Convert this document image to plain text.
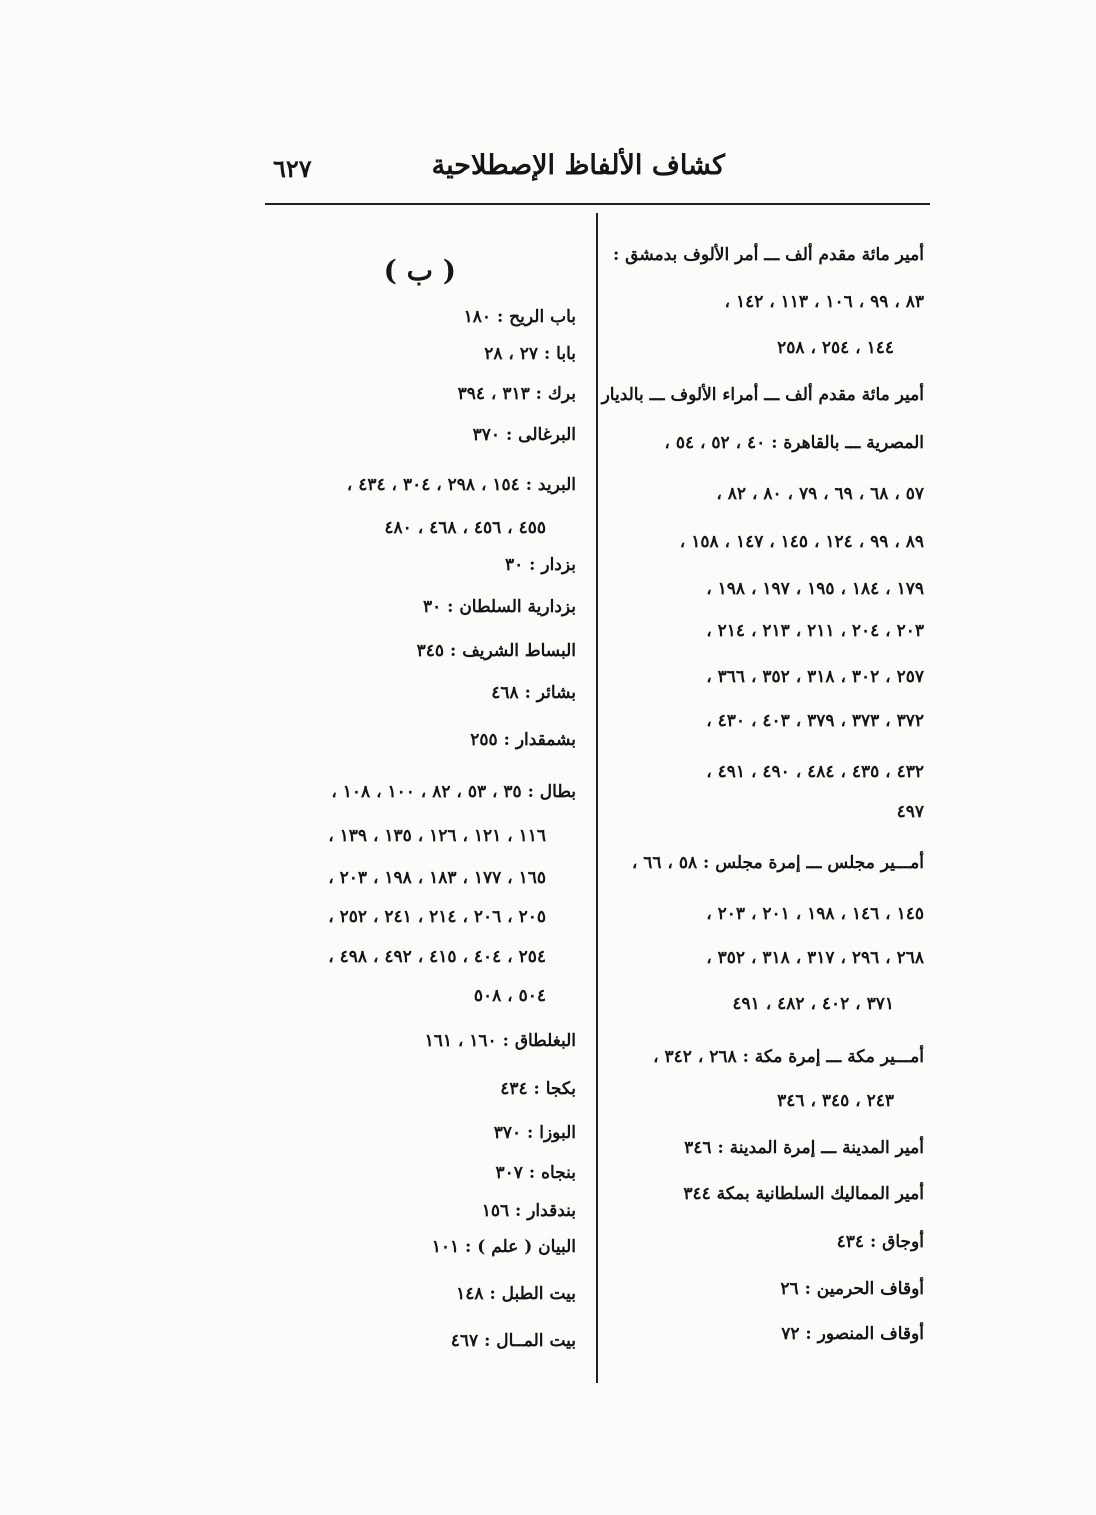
كشاف الألفاظ الإصطلاحية
٦٢٧
أمير مائة مقدم ألف ـــ أمر الألوف بدمشق :
٨٣ ، ٩٩ ، ١٠٦ ، ١١٣ ، ١٤٢ ،
١٤٤ ، ٢٥٤ ، ٢٥٨
أمير مائة مقدم ألف ـــ أمراء الألوف ـــ بالديار
المصرية ـــ بالقاهرة : ٤٠ ، ٥٢ ، ٥٤ ،
٥٧ ، ٦٨ ، ٦٩ ، ٧٩ ، ٨٠ ، ٨٢ ،
٨٩ ، ٩٩ ، ١٢٤ ، ١٤٥ ، ١٤٧ ، ١٥٨ ،
١٧٩ ، ١٨٤ ، ١٩٥ ، ١٩٧ ، ١٩٨ ،
٢٠٣ ، ٢٠٤ ، ٢١١ ، ٢١٣ ، ٢١٤ ،
٢٥٧ ، ٣٠٢ ، ٣١٨ ، ٣٥٢ ، ٣٦٦ ،
٣٧٢ ، ٣٧٣ ، ٣٧٩ ، ٤٠٣ ، ٤٣٠ ،
٤٣٢ ، ٤٣٥ ، ٤٨٤ ، ٤٩٠ ، ٤٩١ ،
٤٩٧
أمـــير مجلس ـــ إمرة مجلس : ٥٨ ، ٦٦ ،
١٤٥ ، ١٤٦ ، ١٩٨ ، ٢٠١ ، ٢٠٣ ،
٢٦٨ ، ٢٩٦ ، ٣١٧ ، ٣١٨ ، ٣٥٢ ،
٣٧١ ، ٤٠٢ ، ٤٨٢ ، ٤٩١
أمـــير مكة ـــ إمرة مكة : ٢٦٨ ، ٣٤٢ ،
٢٤٣ ، ٣٤٥ ، ٣٤٦
أمير المدينة ـــ إمرة المدينة : ٣٤٦
أمير المماليك السلطانية بمكة ٣٤٤
أوجاق : ٤٣٤
أوقاف الحرمين : ٢٦
أوقاف المنصور : ٧٢
( ب )
باب الريح : ١٨٠
بابا : ٢٧ ، ٢٨
برك : ٣١٣ ، ٣٩٤
البرغالى : ٣٧٠
البريد : ١٥٤ ، ٢٩٨ ، ٣٠٤ ، ٤٣٤ ،
٤٥٥ ، ٤٥٦ ، ٤٦٨ ، ٤٨٠
بزدار : ٣٠
بزدارية السلطان : ٣٠
البساط الشريف : ٣٤٥
بشائر : ٤٦٨
بشمقدار : ٢٥٥
بطال : ٣٥ ، ٥٣ ، ٨٢ ، ١٠٠ ، ١٠٨ ،
١١٦ ، ١٢١ ، ١٢٦ ، ١٣٥ ، ١٣٩ ،
١٦٥ ، ١٧٧ ، ١٨٣ ، ١٩٨ ، ٢٠٣ ،
٢٠٥ ، ٢٠٦ ، ٢١٤ ، ٢٤١ ، ٢٥٢ ،
٢٥٤ ، ٤٠٤ ، ٤١٥ ، ٤٩٢ ، ٤٩٨ ،
٥٠٤ ، ٥٠٨
البغلطاق : ١٦٠ ، ١٦١
بكجا : ٤٣٤
البوزا : ٣٧٠
بنجاه : ٣٠٧
بندقدار : ١٥٦
البيان ( علم ) : ١٠١
بيت الطبل : ١٤٨
بيت المــال : ٤٦٧
